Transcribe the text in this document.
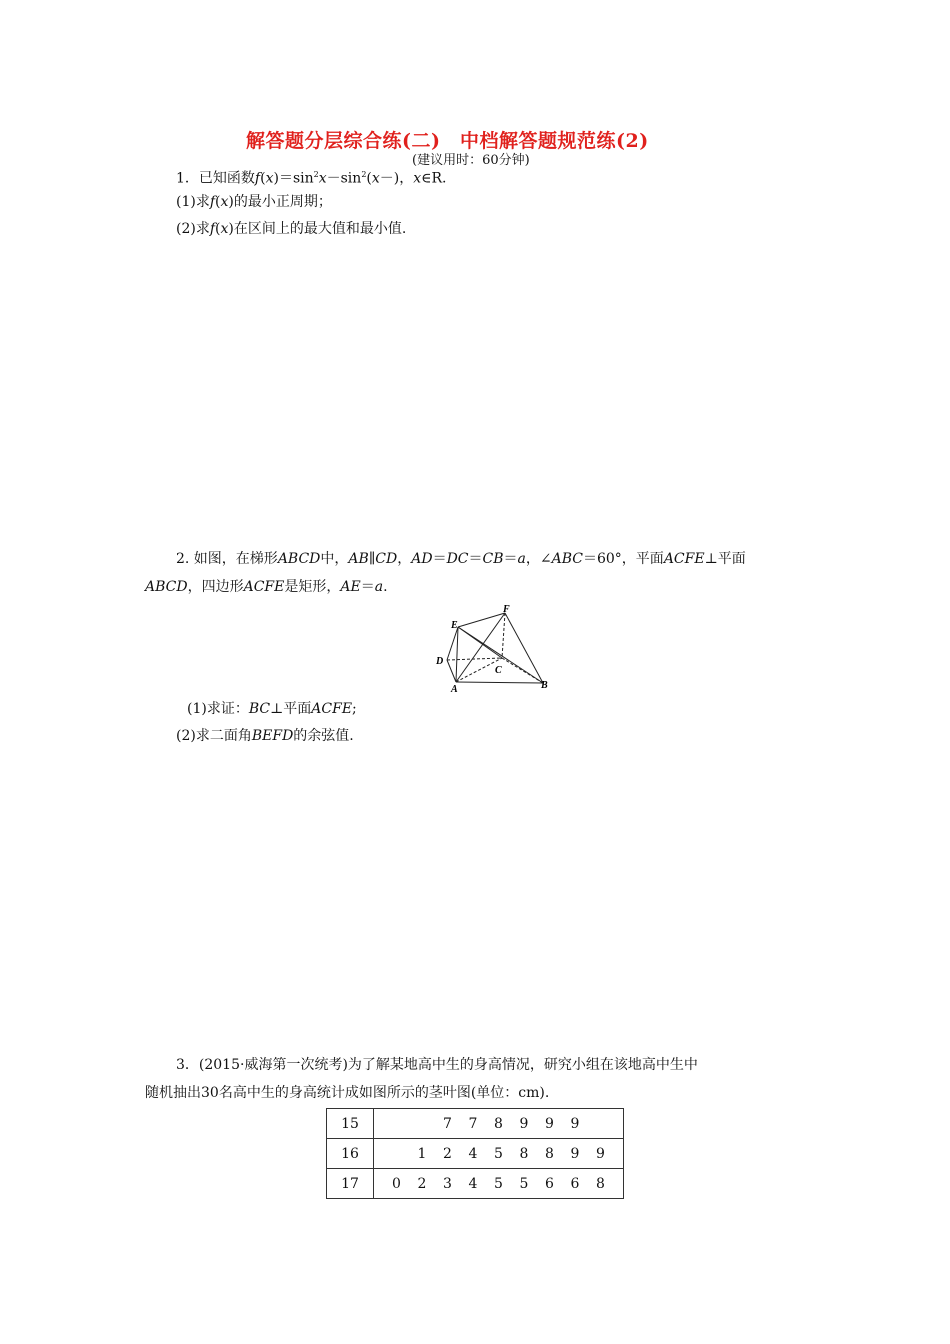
解答题分层综合练(二)　中档解答题规范练(2)
(建议用时：60分钟)
1．已知函数$f(x)=\sin^2x-\sin^2(x-)$，x∈R.
(1)求f(x)的最小正周期；
(2)求f(x)在区间上的最大值和最小值.
2. 如图，在梯形ABCD中，AB∥CD，AD＝DC＝CB＝a，∠ABC＝60°，平面ACFE⊥平面
ABCD，四边形ACFE是矩形，AE＝a.
E
F
D
C
A	B
(1)求证：BC⊥平面ACFE;
(2)求二面角BEFD的余弦值.
3．(2015·威海第一次统考)为了解某地高中生的身高情况，研究小组在该地高中生中
随机抽出30名高中生的身高统计成如图所示的茎叶图(单位：cm).
15	7 7 8 9 9 9
16	1 2 4 5 8 8 9 9
17	0 2 3 4 5 5 6 6 8
